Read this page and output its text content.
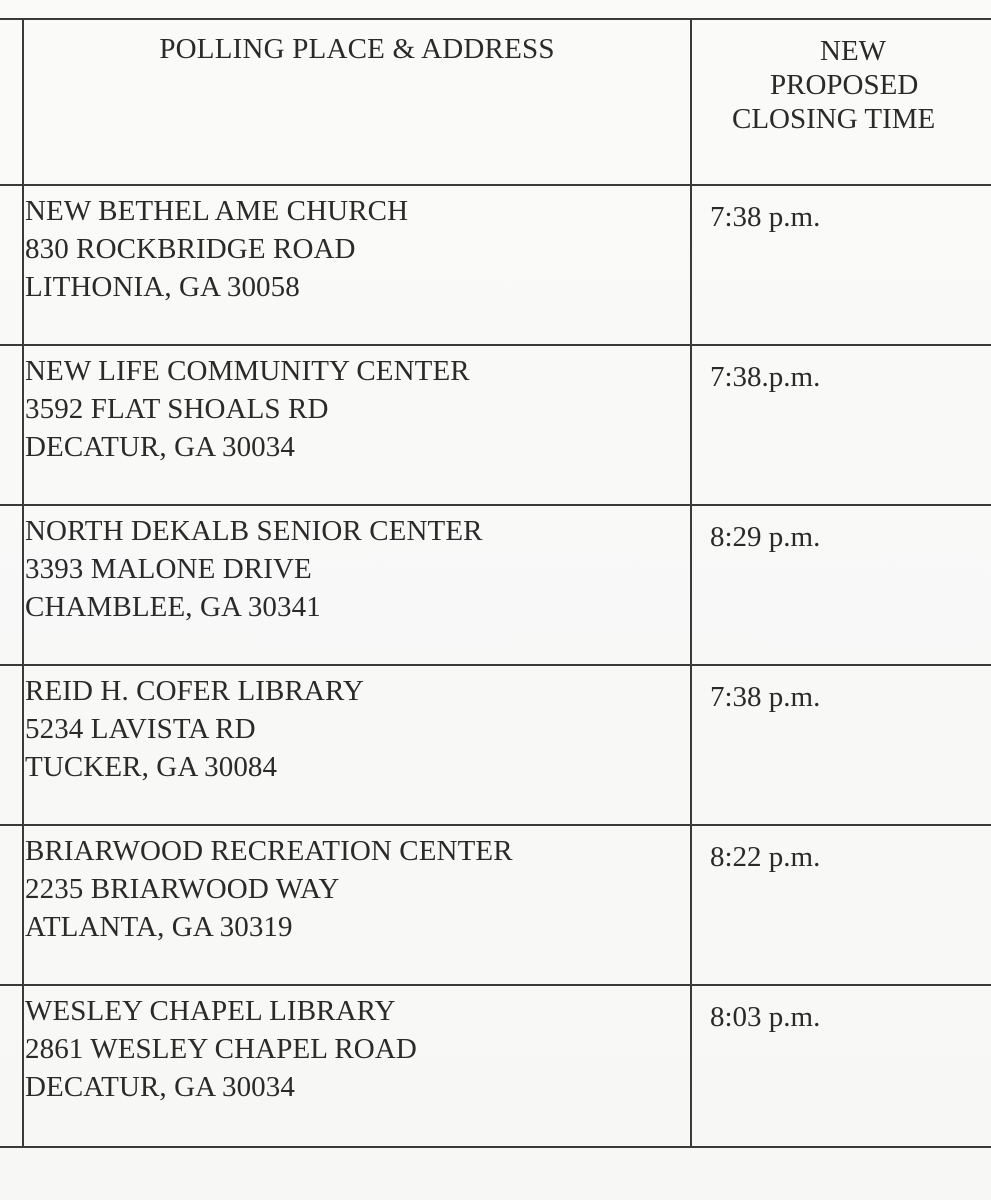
	POLLING PLACE & ADDRESS	NEW
PROPOSED
CLOSING TIME

	NEW BETHEL AME CHURCH
830 ROCKBRIDGE ROAD
LITHONIA, GA 30058	7:38 p.m.

	NEW LIFE COMMUNITY CENTER
3592 FLAT SHOALS RD
DECATUR, GA 30034	7:38.p.m.

	NORTH DEKALB SENIOR CENTER
3393 MALONE DRIVE
CHAMBLEE, GA 30341	8:29 p.m.

	REID H. COFER LIBRARY
5234 LAVISTA RD
TUCKER, GA 30084	7:38 p.m.

	BRIARWOOD RECREATION CENTER
2235 BRIARWOOD WAY
ATLANTA, GA 30319	8:22 p.m.

	WESLEY CHAPEL LIBRARY
2861 WESLEY CHAPEL ROAD
DECATUR, GA 30034	8:03 p.m.
